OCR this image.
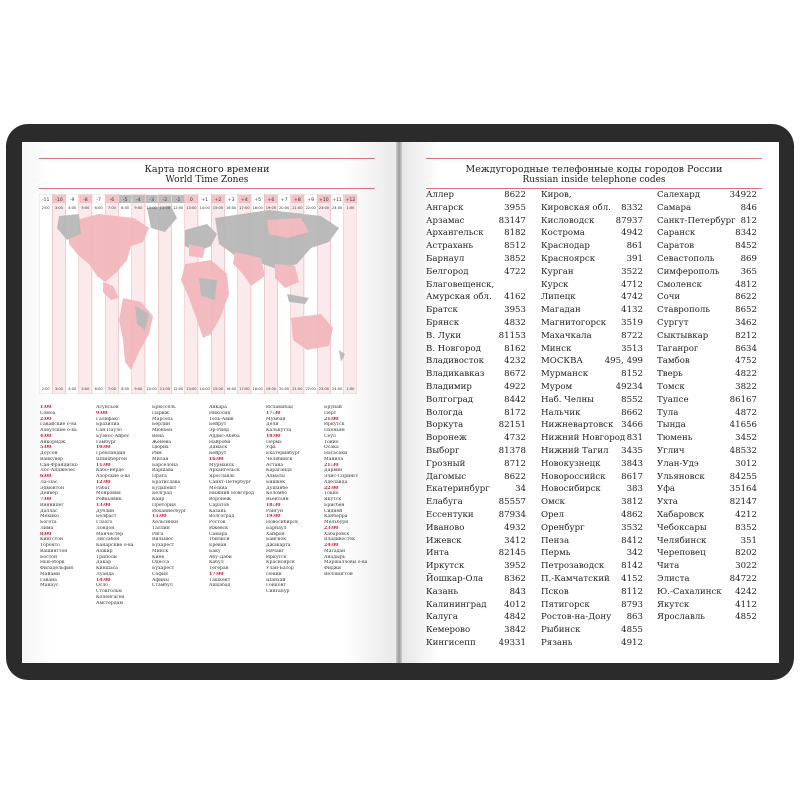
Карта поясного времени
World Time Zones
-11
2:00
-10
3:00
-9
4:00
-8
5:00
-7
6:00
-6
7:00
-5
8:00
-4
9:00
-3
10:00
-2
11:00
-1
12:00
0
13:00
+1
14:00
+2
15:00
+3
16:00
+4
17:00
+5
18:00
+6
19:00
+7
20:00
+8
21:00
+9
22:00
+10
23:00
+11
24:00
+12
1:00
2:00 3:00 4:00 5:00 6:00 7:00 8:00 9:00 10:00 11:00 12:00 13:00 14:00 15:00 16:00 17:00 18:00 19:00 20:00 21:00 22:00 23:00 24:00 1:00
1:00
Сомоа
2:00
Гавайские о-ва
Алеутские о-ва
4:00
Анкоридж
5:00
Доусон
Ванкувер
Сан-Франциско
Лос-Анджелес
6:00
Ла-Пас
Эдмонтон
Денвер
7:00
Виннипег
Даллас
Мехико
Богота
Лима
8:00
Кингстон
Торонто
Вашингтон
Бостон
Нью-Йорк
Филадельфия
Майами
Гавана
Манаус
Асунсьон
9:00
Галифакс
Бразилиа
Сан Пауло
Буэнос-Айрес
Гамбург
10:00
Гренландия
Шпицберген
11:00
Кабо-Верде
Азорские о-ва
12:00
Рабат
Монровия
Рейкьявик
13:00
Дублин
Белфаст
Глазго
Лондон
Манчестер
Лиссабон
Канарские о-ва
Алжир
Триполи
Дакар
Киншаса
Луанда
14:00
Осло
Стокгольм
Копенгаген
Амстердам
Брюссель
Париж
Марсель
Берлин
Мюнхен
Вена
Женева
Цюрих
Рим
Милан
Барселона
Варшава
Прага
Братислава
Будапешт
Белград
Каир
Претория
Йоханнесбург
15:00
Хельсинки
Таллин
Рига
Вильнюс
Бухарест
Минск
Киев
Одесса
Бухарест
София
Афины
Стамбул
Анкара
Никосия
Тель-Авив
Бейрут
Эр-Рияд
Аддис-Абеба
Найроби
Дамаск
Бейрут
16:00
Мурманск
Архангельск
Ярославль
Санкт-Петербург
Москва
Нижний Новгород
Воронеж
Саратов
Казань
Волгоград
Ростов
Ижевск
Самара
Тбилиси
Ереван
Баку
Абу-Даби
Кабул
Тегеран
17:00
Ташкент
Ашхабад
Исламабад
17:30
Мумбаи
Дели
Калькутта
18:00
Пермь
Уфа
Екатеринбург
Челябинск
Астана
Караганда
Алматы
Бишкек
Душанбе
Коломбо
Вьентьян
18:30
Рангун
19:00
Новосибирск
Барнаул
Хайфон
Бангкок
Джакарта
Нячанг
Иркутск
Красноярск
Улан-Батор
Пекин
Шанхай
Гонконг
Сингапур
Брунай
Перт
21:00
Иркутск
Пхеньян
Сеул
Токио
Осака
Нагасаки
Манила
21:30
Дарвин
Элис-Спрингс
Аделаида
22:00
Токио
Якутск
Брисбен
Сидней
Канберра
Мельбурн
23:00
Хабаровск
Владивосток
24:00
Магадан
Анадырь
Маршалловы о-ва
Фиджи
Веллингтон
Междугородные телефонные коды городов России
Russian inside telephone codes
Аллер	8622
Ангарск	3955
Арзамас	83147
Архангельск 8182
Астрахань	8512
Барнаул	3852
Белгород	4722
Благовещенск,
Амурская обл. 4162
Братск	3953
Брянск	4832
В. Луки	81153
В. Новгород	8162
Владивосток 4232
Владикавказ 8672
Владимир	4922
Волгоград	8442
Вологда	8172
Воркута	82151
Воронеж	4732
Выборг	81378
Грозный	8712
Дагомыс	8622
Екатеринбург	34
Елабуга	85557
Ессентуки	87934
Иваново	4932
Ижевск	3412
Инта	82145
Иркутск	3952
Йошкар-Ола 8362
Казань	843
Калининград 4012
Калуга	4842
Кемерово	3842
Кингисепп	49331
Киров,
Кировская обл. 8332
Кисловодск 87937
Кострома	4942
Краснодар	861
Красноярск	391
Курган	3522
Курск	4712
Липецк	4742
Магадан	4132
Магнитогорск 3519
Махачкала	8722
Минск	3513
МОСКВА	495, 499
Мурманск	8152
Муром	49234
Наб. Челны	8552
Нальчик	8662
Нижневартовск 3466
Нижний Новгород 831
Нижний Тагил 3435
Новокузнецк 3843
Новороссийск 8617
Новосибирск	383
Омск	3812
Орел	4862
Оренбург	3532
Пенза	8412
Пермь	342
Петрозаводск 8142
П.-Камчатский 4152
Псков	8112
Пятигорск	8793
Ростов-на-Дону 863
Рыбинск	4855
Рязань	4912
Салехард	34922
Самара	846
Санкт-Петербург 812
Саранск	8342
Саратов	8452
Севастополь	869
Симферополь 365
Смоленск	4812
Сочи	8622
Ставрополь	8652
Сургут	3462
Сыктывкар	8212
Таганрог	8634
Тамбов	4752
Тверь	4822
Томск	3822
Туапсе	86167
Тула	4872
Тында	41656
Тюмень	3452
Углич	48532
Улан-Удэ	3012
Ульяновск	84255
Уфа	35164
Ухта	82147
Хабаровск	4212
Чебоксары	8352
Челябинск	351
Череповец	8202
Чита	3022
Элиста	84722
Ю.-Сахалинск 4242
Якутск	4112
Ярославль	4852
